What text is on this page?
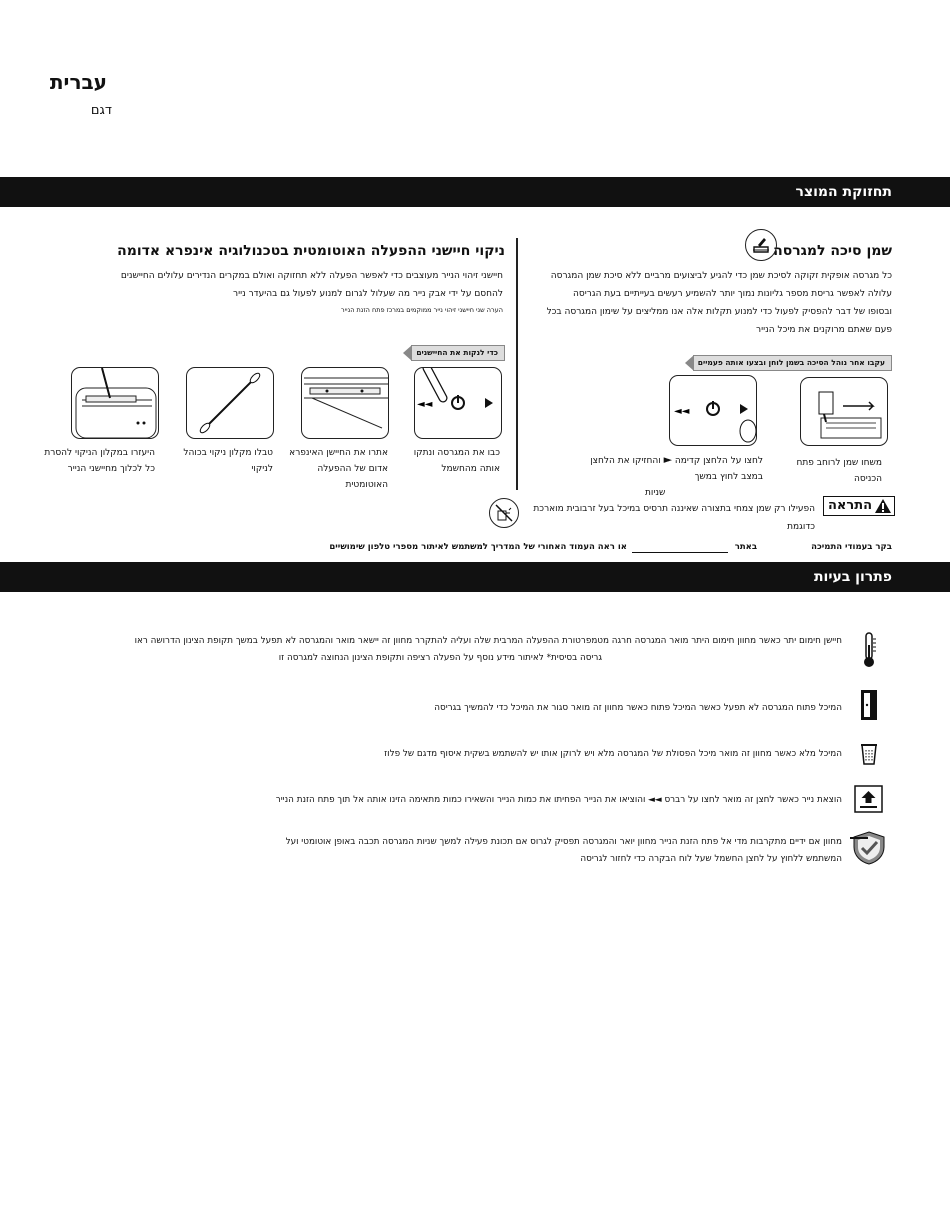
עברית
דגם
תחזוקת המוצר
שמן סיכה למגרסה
כל מגרסה אופקית זקוקה לסיכת שמן כדי להגיע לביצועים מרביים ללא סיכת שמן המגרסה
עלולה לאפשר גריסת מספר גליונות נמוך יותר להשמיע רעשים בעייתיים בעת הגריסה
ובסופו של דבר להפסיק לפעול כדי למנוע תקלות אלה אנו ממליצים על שימון המגרסה בכל
פעם שאתם מרוקנים את מיכל הנייר
עקבו אחר נוהל הסיכה בשמן לוחן ובצעו אותה פעמיים
◄◄
משחו שמן לרוחב פתח
הכניסה
לחצו על הלחצן קדימה ► והחזיקו את הלחצן
במצב לחוץ במשך
שניות
התראה
הפעילו רק שמן צמחי בתצורה שאיננה תרסיס במיכל בעל זרבובית מוארכת
כדוגמת
ניקוי חיישני ההפעלה האוטומטית בטכנולוגיה אינפרא אדומה
חיישני זיהוי הנייר מעוצבים כדי לאפשר הפעלה ללא תחזוקה ואולם במקרים הנדירים עלולים החיישנים
להחסם על ידי אבק נייר מה שעלול לגרום למנוע לפעול גם בהיעדר נייר
הערה שני חיישני זיהוי נייר ממוקמים במרכז פתח הזנת הנייר
כדי לנקות את החיישנים
◄◄
כבו את המגרסה ונתקו
אותה מהחשמל
אתרו את החיישן האינפרא
אדום של ההפעלה
האוטומטית
טבלו מקלון ניקוי בכוהל
לניקוי
היעזרו במקלון הניקוי להסרת
כל לכלוך מחיישני הנייר
בקר בעמודי התמיכה
באתר
או ראה העמוד האחורי של המדריך למשתמש לאיתור מספרי טלפון שימושיים
פתרון בעיות
חיישן חימום יתר כאשר מחוון חימום היתר מואר המגרסה חרגה מטמפרטורת ההפעלה המרבית שלה ועליה להתקרר מחוון זה יישאר מואר והמגרסה לא תפעל במשך תקופת הצינון הדרושה ראו
גריסה בסיסית* לאיתור מידע נוסף על הפעלה רציפה ותקופת הצינון הנחוצה למגרסה זו
המיכל פתוח המגרסה לא תפעל כאשר המיכל פתוח כאשר מחוון זה מואר סגור את המיכל כדי להמשיך בגריסה
המיכל מלא כאשר מחוון זה מואר מיכל הפסולת של המגרסה מלא ויש לרוקן אותו יש להשתמש בשקית איסוף מדגם של פלוז
הוצאת נייר כאשר לחצן זה מואר לחצו על רברס ◄◄ והוציאו את הנייר הפחיתו את כמות הנייר והשאירו כמות מתאימה הזינו אותה אל תוך פתח הזנת הנייר
מחוון אם ידיים מתקרבות מדי אל פתח הזנת הנייר מחוון יואר והמגרסה תפסיק לגרוס אם תכונת פעילה למשך שניות המגרסה תכבה באופן אוטומטי ועל
המשתמש ללחוץ על לחצן החשמל שעל לוח הבקרה כדי לחזור לגריסה
